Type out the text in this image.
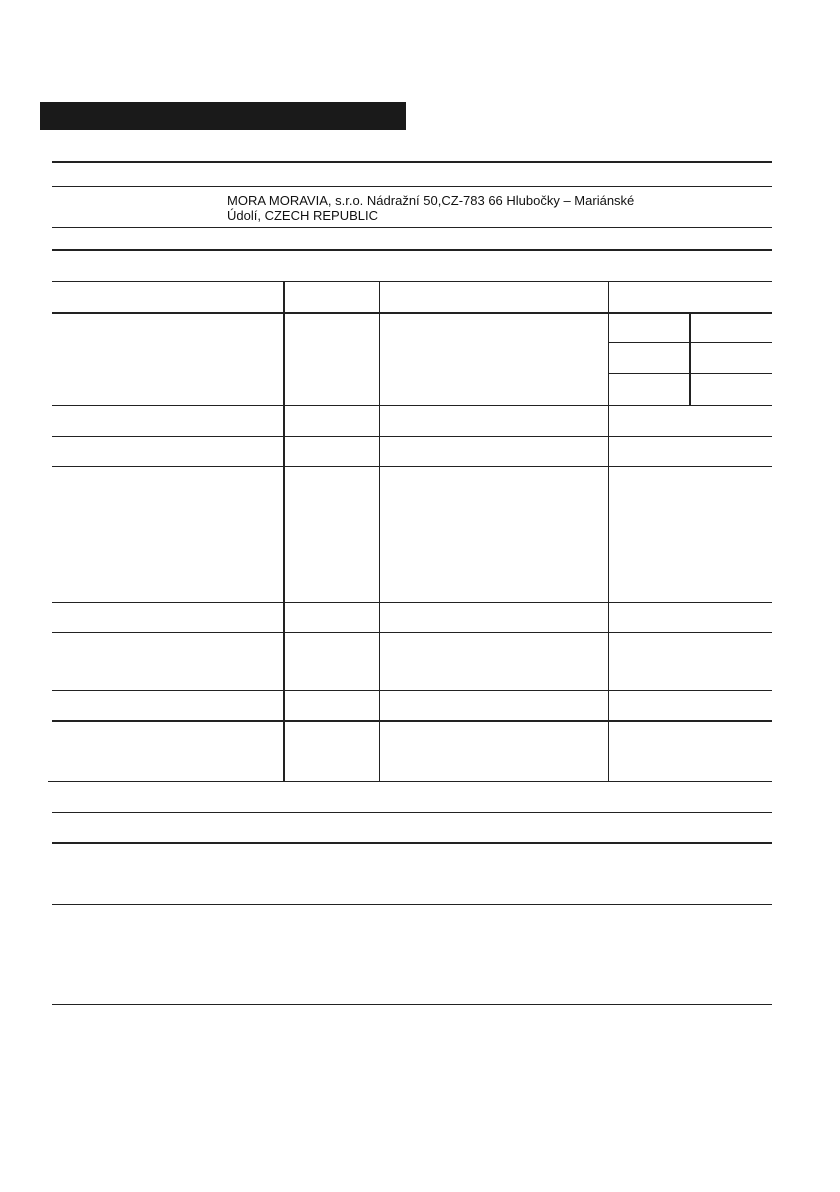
MORA MORAVIA, s.r.o. Nádražní 50,CZ-783 66 Hlubočky – Mariánské
Údolí, CZECH REPUBLIC
